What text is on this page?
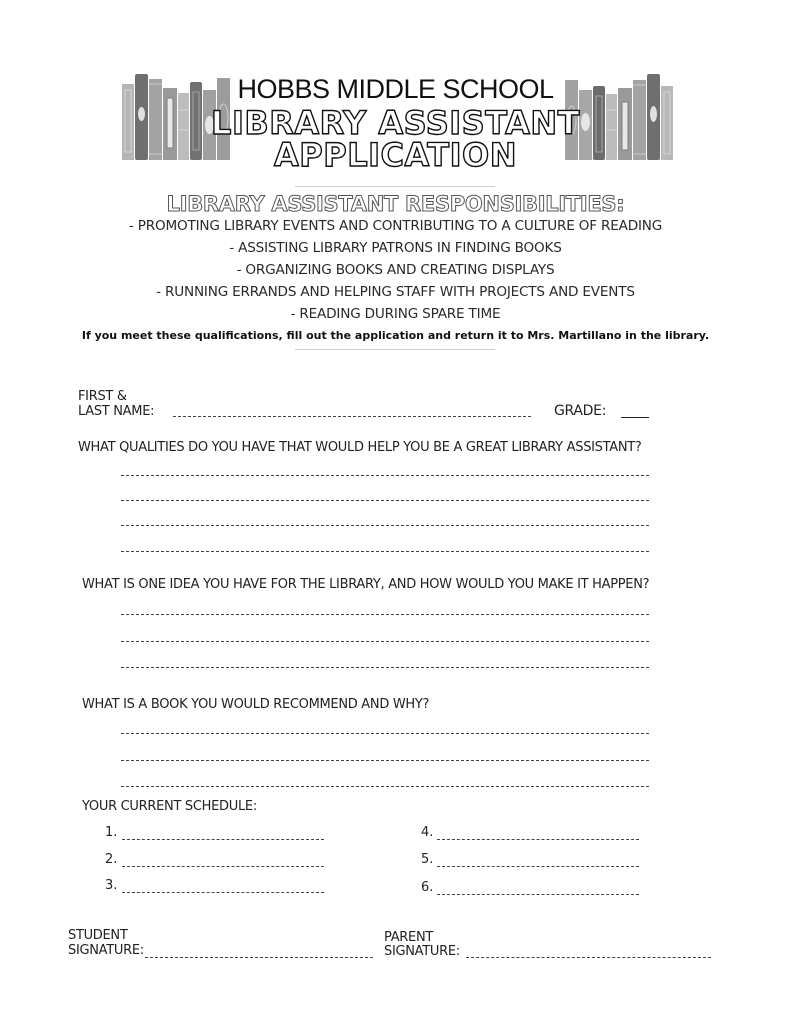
HOBBS MIDDLE SCHOOL
LIBRARY ASSISTANT
APPLICATION
LIBRARY ASSISTANT RESPONSIBILITIES:
- PROMOTING LIBRARY EVENTS AND CONTRIBUTING TO A CULTURE OF READING
- ASSISTING LIBRARY PATRONS IN FINDING BOOKS
- ORGANIZING BOOKS AND CREATING DISPLAYS
- RUNNING ERRANDS AND HELPING STAFF WITH PROJECTS AND EVENTS
- READING DURING SPARE TIME
If you meet these qualifications, fill out the application and return it to Mrs. Martillano in the library.
FIRST &
LAST NAME:	GRADE:
WHAT QUALITIES DO YOU HAVE THAT WOULD HELP YOU BE A GREAT LIBRARY ASSISTANT?
WHAT IS ONE IDEA YOU HAVE FOR THE LIBRARY, AND HOW WOULD YOU MAKE IT HAPPEN?
WHAT IS A BOOK YOU WOULD RECOMMEND AND WHY?
YOUR CURRENT SCHEDULE:
1.
2.
3.
4.
5.
6.
STUDENT
SIGNATURE:
PARENT
SIGNATURE:
